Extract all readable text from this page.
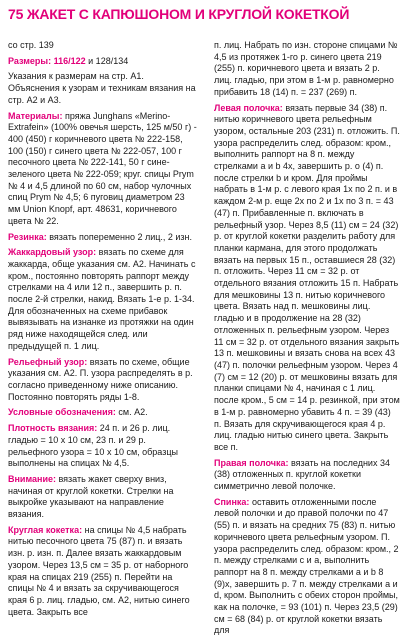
75 ЖАКЕТ С КАПЮШОНОМ И КРУГЛОЙ КОКЕТКОЙ

со стр. 139

Размеры: 116/122 и 128/134

Указания к размерам на стр. А1. Объяснения к узорам и техникам вязания на стр. А2 и А3.

Материалы: пряжа Junghans «Merino-Extrafein» (100% овечья шерсть, 125 м/50 г) - 400 (450) г коричневого цвета № 222-158, 100 (150) г синего цвета № 222-057, 100 г песочного цвета № 222-141, 50 г сине-зеленого цвета № 222-059; круг. спицы Prym № 4 и 4,5 длиной по 60 см, набор чулочных спиц Prym № 4,5; 6 пуговиц диаметром 23 мм Union Knopf, арт. 48631, коричневого цвета № 22.

Резинка: вязать попеременно 2 лиц., 2 изн.

Жаккардовый узор: вязать по схеме для жаккарда, обще указания см. А2. Начинать с кром., постоянно повторять раппорт между стрелками на 4 или 12 п., завершить р. п. после 2-й стрелки, накид. Вязать 1-е р. 1-34. Для обозначенных на схеме прибавок вывязывать на изнанке из протяжки на один ряд ниже находящейся след. или предыдущей п. 1 лиц.

Рельефный узор: вязать по схеме, общие указания см. А2. П. узора распределять в р. согласно приведенному ниже описанию. Постоянно повторять ряды 1-8.

Условные обозначения: см. А2.

Плотность вязания: 24 п. и 26 р. лиц. гладью = 10 х 10 см, 23 п. и 29 р. рельефного узора = 10 х 10 см, образцы выполнены на спицах № 4,5.

Внимание: вязать жакет сверху вниз, начиная от круглой кокетки. Стрелки на выкройке указывают на направление вязания.

Круглая кокетка: на спицы № 4,5 набрать нитью песочного цвета 75 (87) п. и вязать изн. р. изн. п. Далее вязать жаккардовым узором. Через 13,5 см = 35 р. от наборного края на спицах 219 (255) п. Перейти на спицы № 4 и вязать за скручивающегося края 6 р. лиц. гладью, см. А2, нитью синего цвета. Закрыть все

п. лиц. Набрать по изн. стороне спицами № 4,5 из протяжек 1-го р. синего цвета 219 (255) п. коричневого цвета и вязать 2 р. лиц. гладью, при этом в 1-м р. равномерно прибавить 18 (14) п. = 237 (269) п.

Левая полочка: вязать первые 34 (38) п. нитью коричневого цвета рельефным узором, остальные 203 (231) п. отложить. П. узора распределить след. образом: кром., выполнить раппорт на 8 п. между стрелками а и b 4х, завершить р. о (4) п. после стрелки b и кром. Для проймы набрать в 1-м р. с левого края 1х по 2 п. и в каждом 2-м р. еще 2х по 2 и 1х по 3 п. = 43 (47) п. Прибавленные п. включать в рельефный узор. Через 8,5 (11) см = 24 (32) р. от круглой кокетки разделить работу для планки кармана, для этого продолжать вязать на первых 15 п., оставшиеся 28 (32) п. отложить. Через 11 см = 32 р. от отдельного вязания отложить 15 п. Набрать для мешковины 13 п. нитью коричневого цвета. Вязать над п. мешковины лиц. гладью и в продолжение на 28 (32) отложенных п. рельефным узором. Через 11 см = 32 р. от отдельного вязания закрыть 13 п. мешковины и вязать снова на всех 43 (47) п. полочки рельефным узором. Через 4 (7) см = 12 (20) р. от мешковины вязать для планки спицами № 4, начиная с 1 лиц. после кром., 5 см = 14 р. резинкой, при этом в 1-м р. равномерно убавить 4 п. = 39 (43) п. Вязать для скручивающегося края 4 р. лиц. гладью нитью синего цвета. Закрыть все п.

Правая полочка: вязать на последних 34 (38) отложенных п. круглой кокетки симметрично левой полочке.

Спинка: оставить отложенными после левой полочки и до правой полочки по 47 (55) п. и вязать на средних 75 (83) п. нитью коричневого цвета рельефным узором. П. узора распределить след. образом: кром., 2 п. между стрелками с и а, выполнить раппорт на 8 п. между стрелками а и b 8 (9)х, завершить р. 7 п. между стрелками а и d, кром. Выполнить с обеих сторон проймы, как на полочке, = 93 (101) п. Через 23,5 (29) см = 68 (84) р. от круглой кокетки вязать для
